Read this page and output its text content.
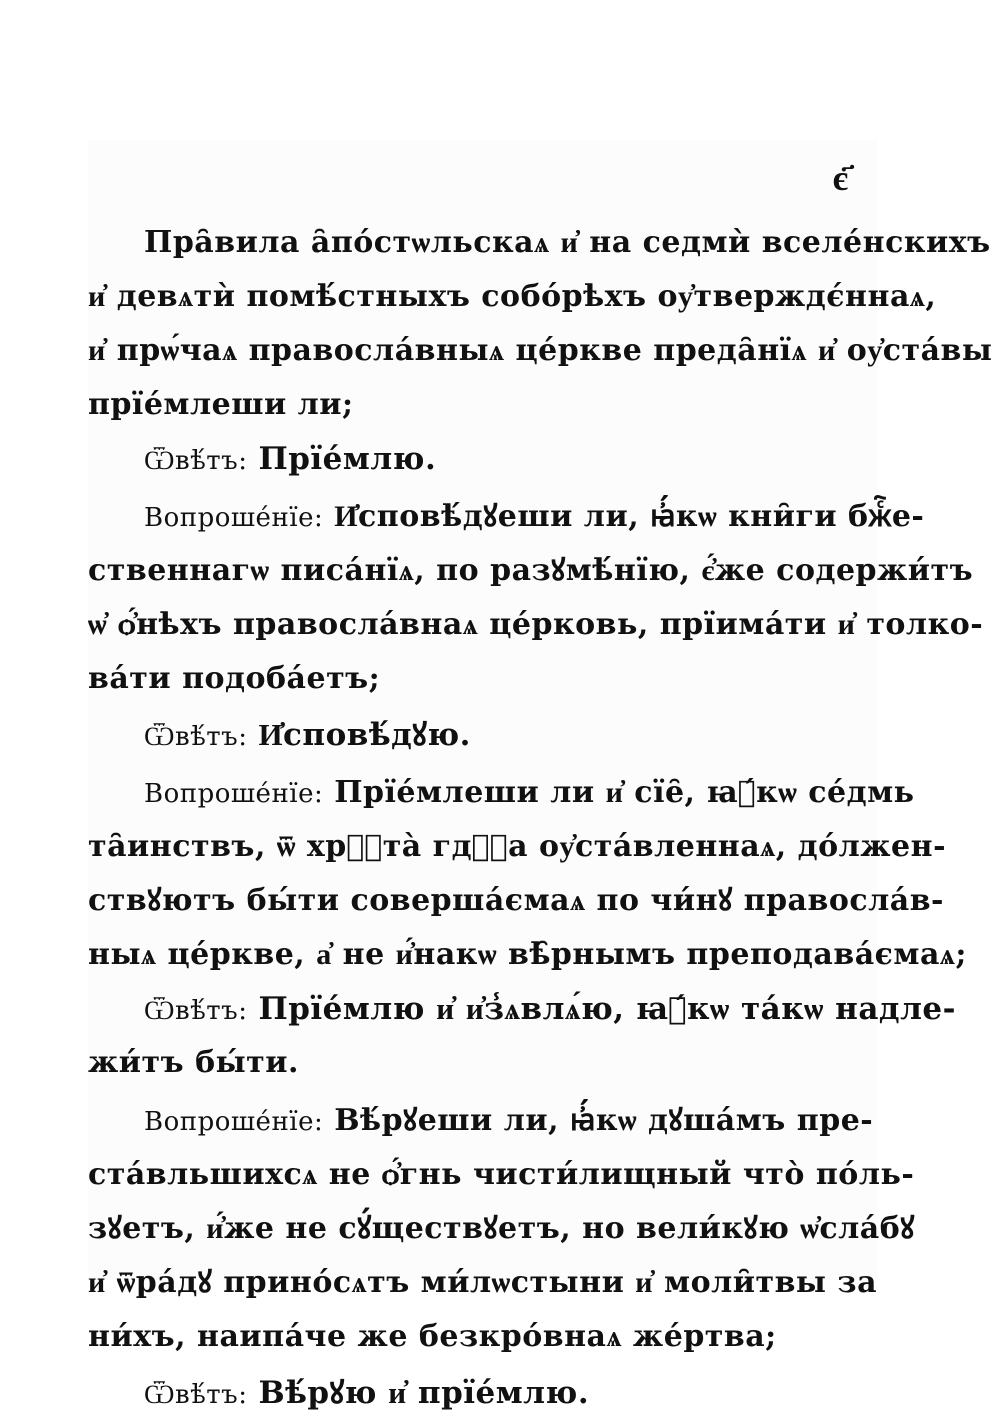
є҃
Пра̑вила а̑по́стѡльскаѧ и҆ на седмѝ вселе́нскихъ
и҆ девѧтѝ помѣ́стныхъ собо́рѣхъ оу҆тверждє́ннаѧ,
и҆ прѡ́чаѧ правосла́вныѧ це́ркве преда̑нїѧ и҆ оу҆ста́вы
прїе́млеши ли;
Ѿвѣ́тъ: Прїе́млю.
Вопроше́нїе: И҆сповѣ́дꙋеши ли, ꙗ҆́кѡ кни̑ги бжⷭ҇е-
ственнагѡ писа́нїѧ, по разꙋмѣ́нїю, є҆́же содержи́тъ
ѡ҆ ѻ҆́нѣхъ правосла́внаѧ це́рковь, прїима́ти и҆ толко-
ва́ти подоба́етъ;
Ѿвѣ́тъ: И҆сповѣ́дꙋю.
Вопроше́нїе: Прїе́млеши ли и҆ сїе̑, ꙗ҆́кѡ се́дмь
та̑инствъ, ѿ хрⷭ҇та̀ гдⷭ҇а оу҆ста́вленнаѧ, до́лжен-
ствꙋютъ бы́ти соверша́ємаѧ по чи́нꙋ правосла́в-
ныѧ це́ркве, а҆ не и҆́накѡ вѣ̑рнымъ преподава́ємаѧ;
Ѿвѣ́тъ: Прїе́млю и҆ и҆з̾ѧвлѧ́ю, ꙗ҆́кѡ та́кѡ надле-
жи́тъ бы́ти.
Вопроше́нїе: Вѣ́рꙋеши ли, ꙗ҆́кѡ дꙋша́мъ пре-
ста́вльшихсѧ не ѻ҆́гнь чисти́лищный что̀ по́ль-
зꙋетъ, и҆́же не сꙋ́ществꙋетъ, но вели́кꙋю ѡ҆сла́бꙋ
и҆ ѿра́дꙋ прино́сѧтъ ми́лѡстыни и҆ моли̑твы за
ни́хъ, наипа́че же безкро́внаѧ же́ртва;
Ѿвѣ́тъ: Вѣ́рꙋю и҆ прїе́млю.
